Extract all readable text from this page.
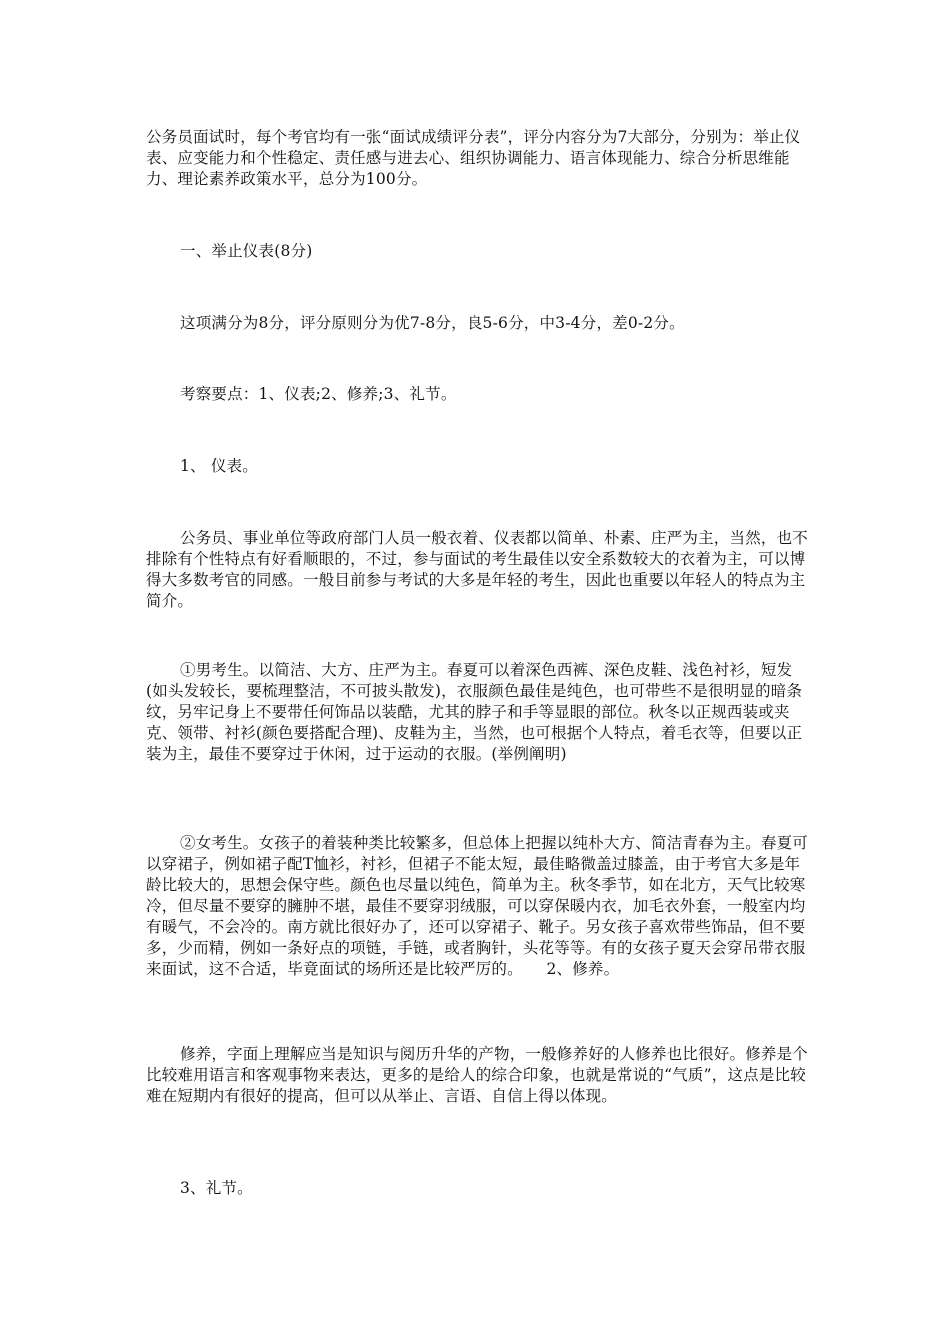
公务员面试时，每个考官均有一张“面试成绩评分表”，评分内容分为7大部分，分别为：举止仪表、应变能力和个性稳定、责任感与进去心、组织协调能力、语言体现能力、综合分析思维能力、理论素养政策水平，总分为100分。

一、举止仪表(8分)

这项满分为8分，评分原则分为优7-8分，良5-6分，中3-4分，差0-2分。

考察要点：1、仪表;2、修养;3、礼节。

1、 仪表。

公务员、事业单位等政府部门人员一般衣着、仪表都以简单、朴素、庄严为主，当然，也不排除有个性特点有好看顺眼的，不过，参与面试的考生最佳以安全系数较大的衣着为主，可以博得大多数考官的同感。一般目前参与考试的大多是年轻的考生，因此也重要以年轻人的特点为主简介。

①男考生。以简洁、大方、庄严为主。春夏可以着深色西裤、深色皮鞋、浅色衬衫，短发(如头发较长，要梳理整洁，不可披头散发)，衣服颜色最佳是纯色，也可带些不是很明显的暗条纹，另牢记身上不要带任何饰品以装酷，尤其的脖子和手等显眼的部位。秋冬以正规西装或夹克、领带、衬衫(颜色要搭配合理)、皮鞋为主，当然，也可根据个人特点，着毛衣等，但要以正装为主，最佳不要穿过于休闲，过于运动的衣服。(举例阐明)

②女考生。女孩子的着装种类比较繁多，但总体上把握以纯朴大方、简洁青春为主。春夏可以穿裙子，例如裙子配T恤衫，衬衫，但裙子不能太短，最佳略微盖过膝盖，由于考官大多是年龄比较大的，思想会保守些。颜色也尽量以纯色，简单为主。秋冬季节，如在北方，天气比较寒冷，但尽量不要穿的臃肿不堪，最佳不要穿羽绒服，可以穿保暖内衣，加毛衣外套，一般室内均有暖气，不会冷的。南方就比很好办了，还可以穿裙子、靴子。另女孩子喜欢带些饰品，但不要多，少而精，例如一条好点的项链，手链，或者胸针，头花等等。有的女孩子夏天会穿吊带衣服来面试，这不合适，毕竟面试的场所还是比较严厉的。　　2、修养。

修养，字面上理解应当是知识与阅历升华的产物，一般修养好的人修养也比很好。修养是个比较难用语言和客观事物来表达，更多的是给人的综合印象，也就是常说的“气质”，这点是比较难在短期内有很好的提高，但可以从举止、言语、自信上得以体现。

3、礼节。
